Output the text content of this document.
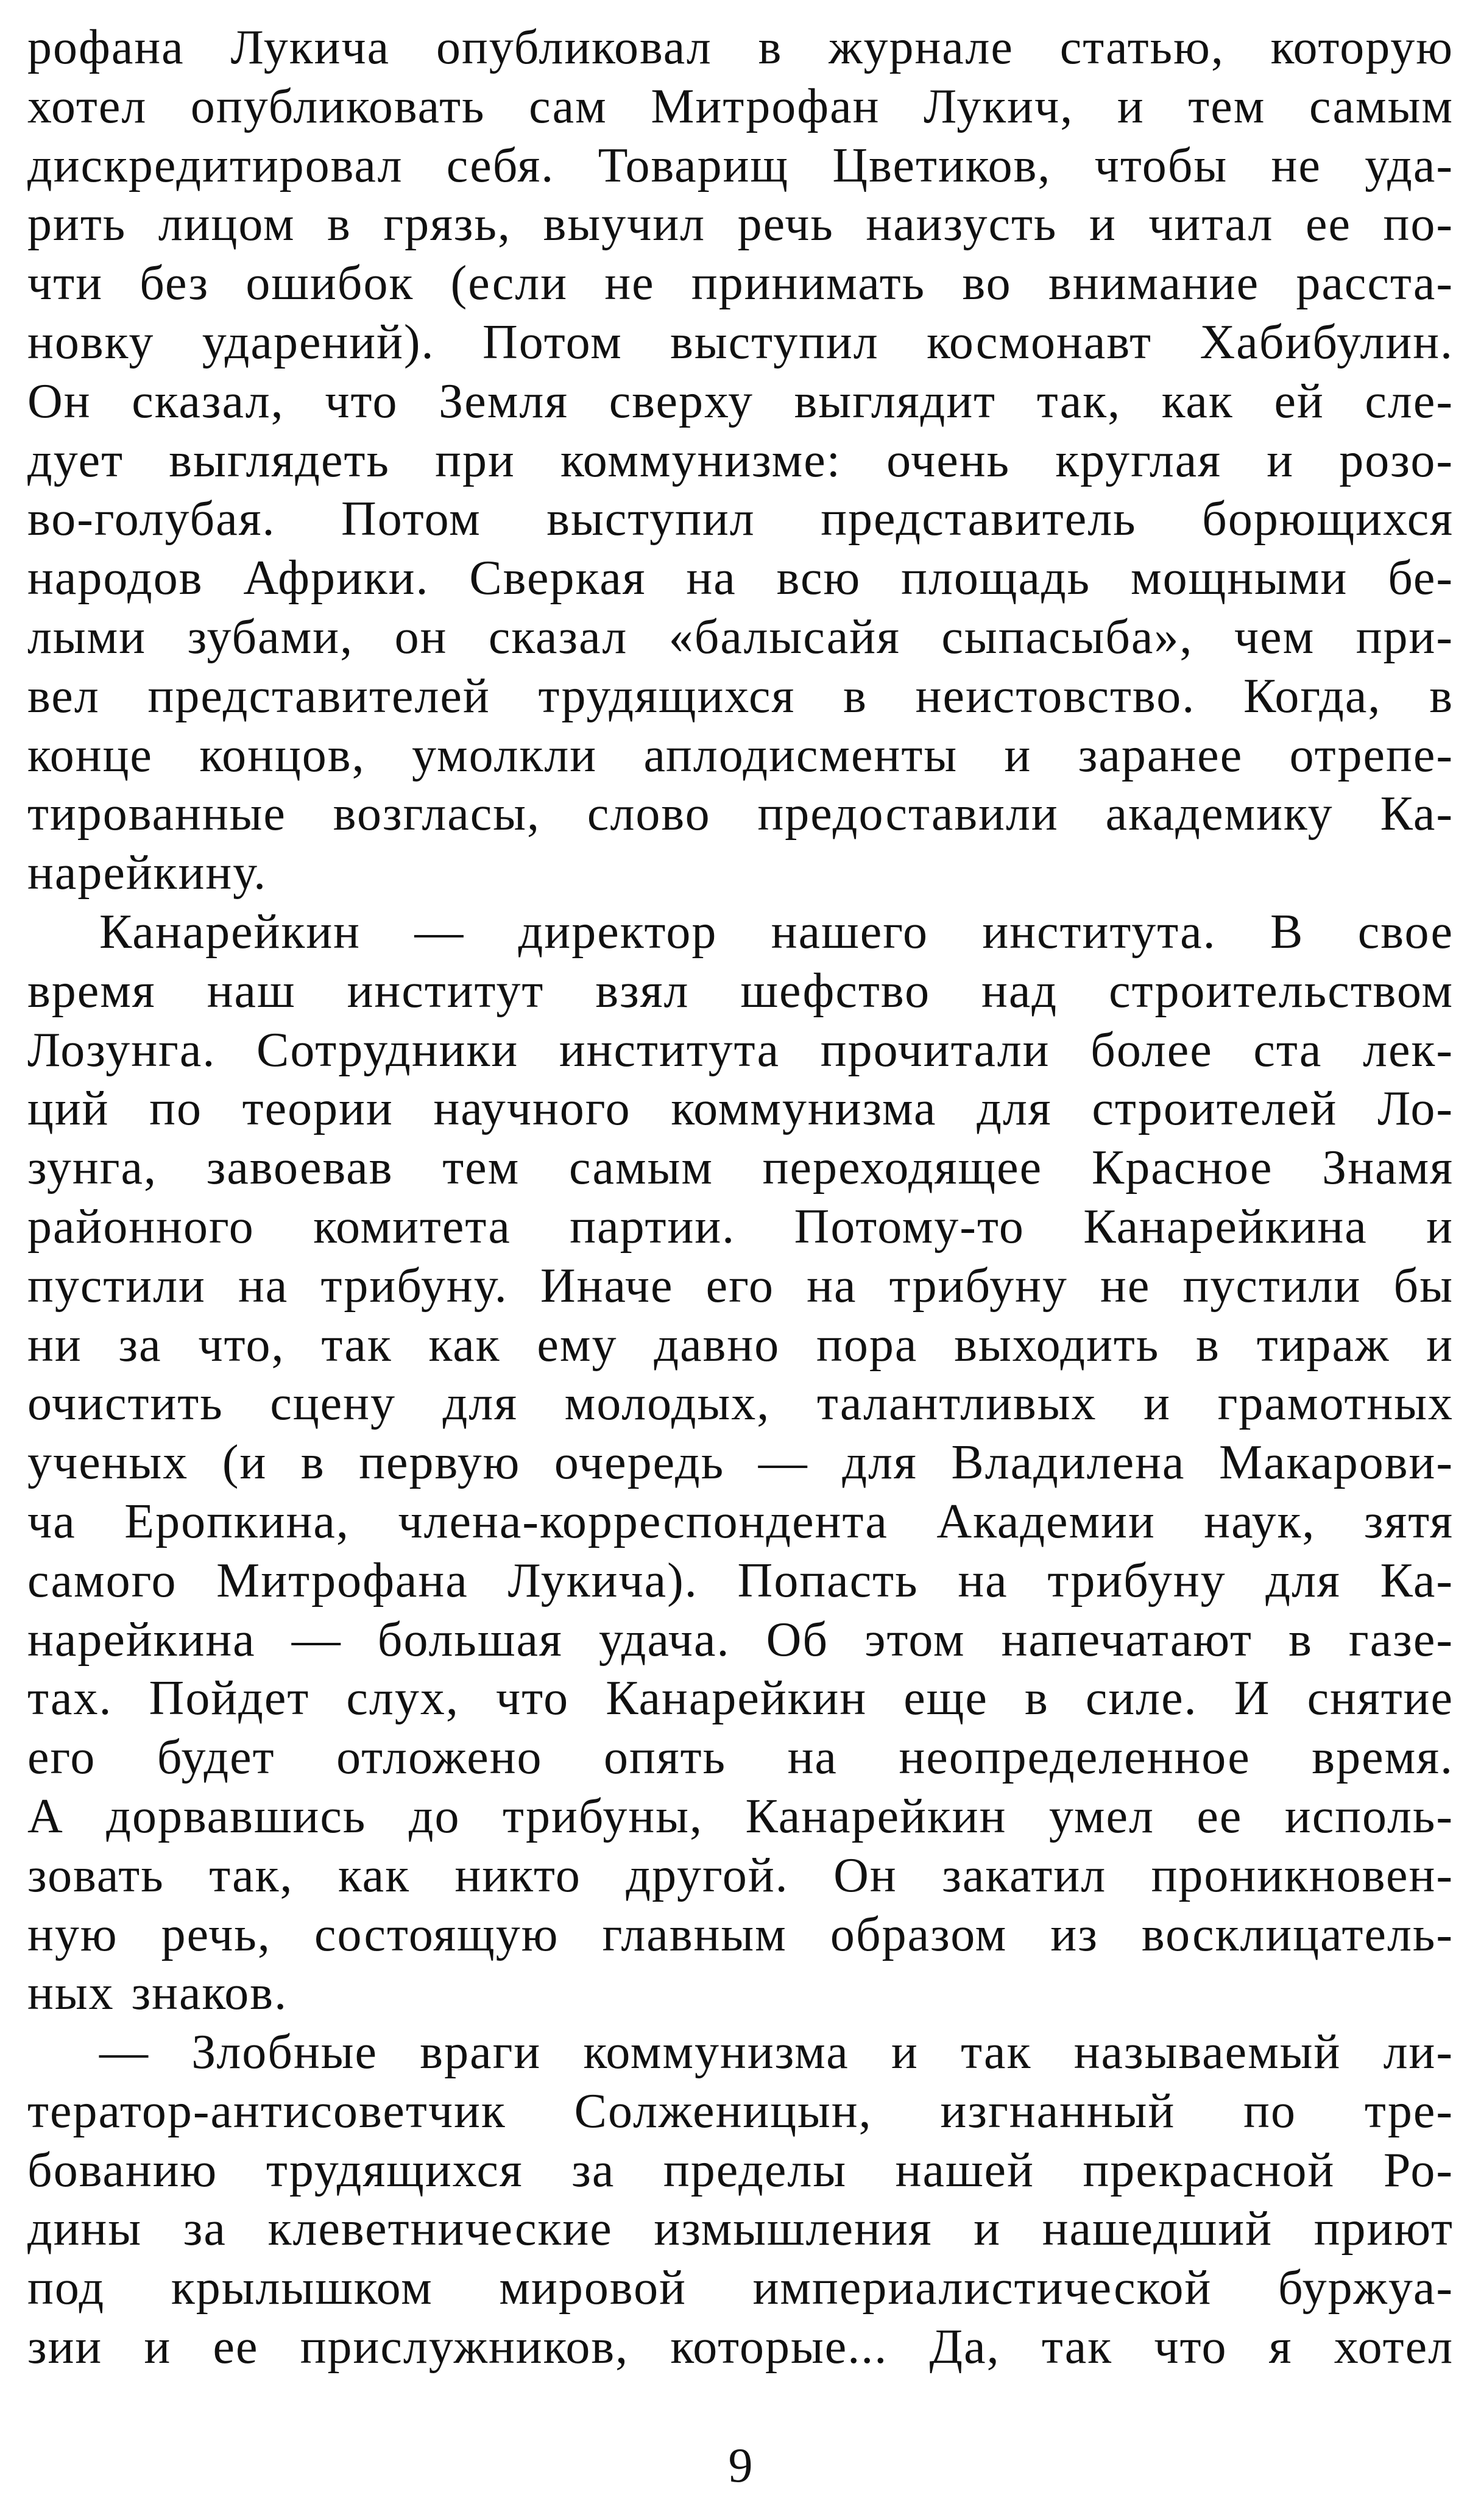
рофана Лукича опубликовал в журнале статью, которую
хотел опубликовать сам Митрофан Лукич, и тем самым
дискредитировал себя. Товарищ Цветиков, чтобы не уда-
рить лицом в грязь, выучил речь наизусть и читал ее по-
чти без ошибок (если не принимать во внимание расста-
новку ударений). Потом выступил космонавт Хабибулин.
Он сказал, что Земля сверху выглядит так, как ей сле-
дует выглядеть при коммунизме: очень круглая и розо-
во-голубая. Потом выступил представитель борющихся
народов Африки. Сверкая на всю площадь мощными бе-
лыми зубами, он сказал «балысайя сыпасыба», чем при-
вел представителей трудящихся в неистовство. Когда, в
конце концов, умолкли аплодисменты и заранее отрепе-
тированные возгласы, слово предоставили академику Ка-
нарейкину.
Канарейкин — директор нашего института. В свое
время наш институт взял шефство над строительством
Лозунга. Сотрудники института прочитали более ста лек-
ций по теории научного коммунизма для строителей Ло-
зунга, завоевав тем самым переходящее Красное Знамя
районного комитета партии. Потому-то Канарейкина и
пустили на трибуну. Иначе его на трибуну не пустили бы
ни за что, так как ему давно пора выходить в тираж и
очистить сцену для молодых, талантливых и грамотных
ученых (и в первую очередь — для Владилена Макарови-
ча Еропкина, члена-корреспондента Академии наук, зятя
самого Митрофана Лукича). Попасть на трибуну для Ка-
нарейкина — большая удача. Об этом напечатают в газе-
тах. Пойдет слух, что Канарейкин еще в силе. И снятие
его будет отложено опять на неопределенное время.
А дорвавшись до трибуны, Канарейкин умел ее исполь-
зовать так, как никто другой. Он закатил проникновен-
ную речь, состоящую главным образом из восклицатель-
ных знаков.
— Злобные враги коммунизма и так называемый ли-
тератор-антисоветчик Солженицын, изгнанный по тре-
бованию трудящихся за пределы нашей прекрасной Ро-
дины за клеветнические измышления и нашедший приют
под крылышком мировой империалистической буржуа-
зии и ее прислужников, которые... Да, так что я хотел
9
